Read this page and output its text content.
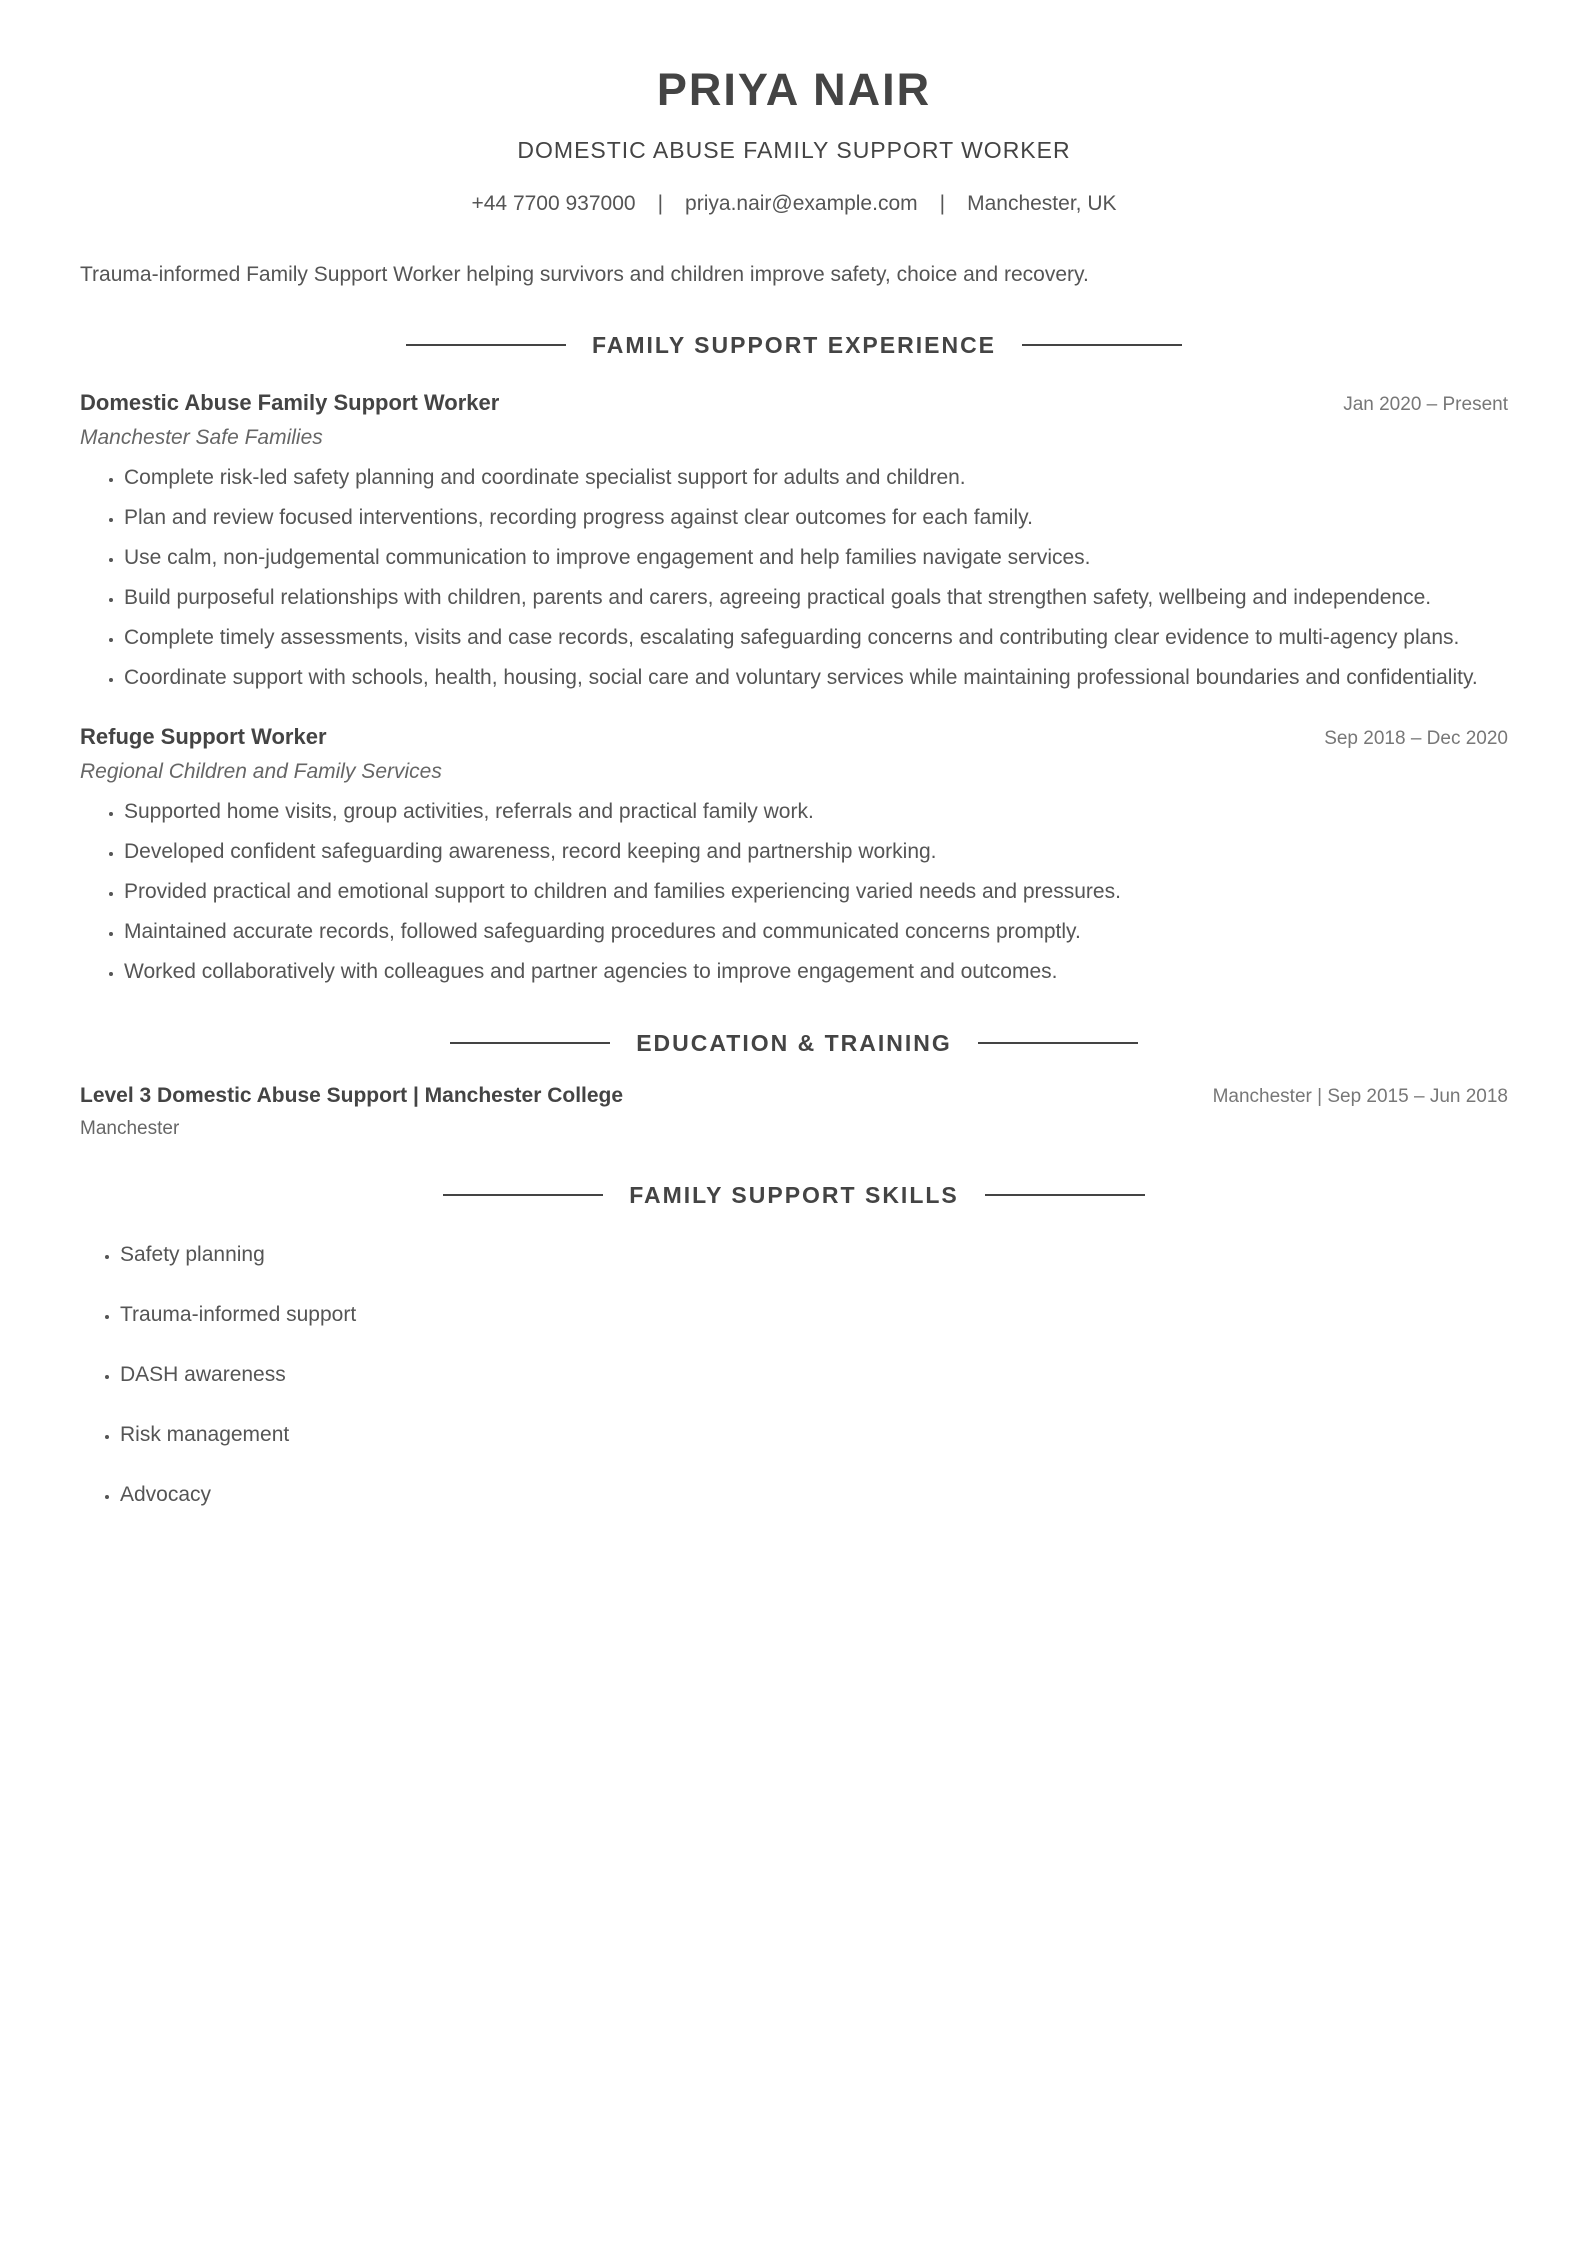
PRIYA NAIR
DOMESTIC ABUSE FAMILY SUPPORT WORKER
+44 7700 937000 | priya.nair@example.com | Manchester, UK
Trauma-informed Family Support Worker helping survivors and children improve safety, choice and recovery.
FAMILY SUPPORT EXPERIENCE
Domestic Abuse Family Support Worker	Jan 2020 – Present
Manchester Safe Families
• Complete risk-led safety planning and coordinate specialist support for adults and children.
• Plan and review focused interventions, recording progress against clear outcomes for each family.
• Use calm, non-judgemental communication to improve engagement and help families navigate services.
• Build purposeful relationships with children, parents and carers, agreeing practical goals that strengthen safety, wellbeing and independence.
• Complete timely assessments, visits and case records, escalating safeguarding concerns and contributing clear evidence to multi-agency plans.
• Coordinate support with schools, health, housing, social care and voluntary services while maintaining professional boundaries and confidentiality.
Refuge Support Worker	Sep 2018 – Dec 2020
Regional Children and Family Services
• Supported home visits, group activities, referrals and practical family work.
• Developed confident safeguarding awareness, record keeping and partnership working.
• Provided practical and emotional support to children and families experiencing varied needs and pressures.
• Maintained accurate records, followed safeguarding procedures and communicated concerns promptly.
• Worked collaboratively with colleagues and partner agencies to improve engagement and outcomes.
EDUCATION & TRAINING
Level 3 Domestic Abuse Support | Manchester College	Manchester | Sep 2015 – Jun 2018
Manchester
FAMILY SUPPORT SKILLS
• Safety planning
• Trauma-informed support
• DASH awareness
• Risk management
• Advocacy
